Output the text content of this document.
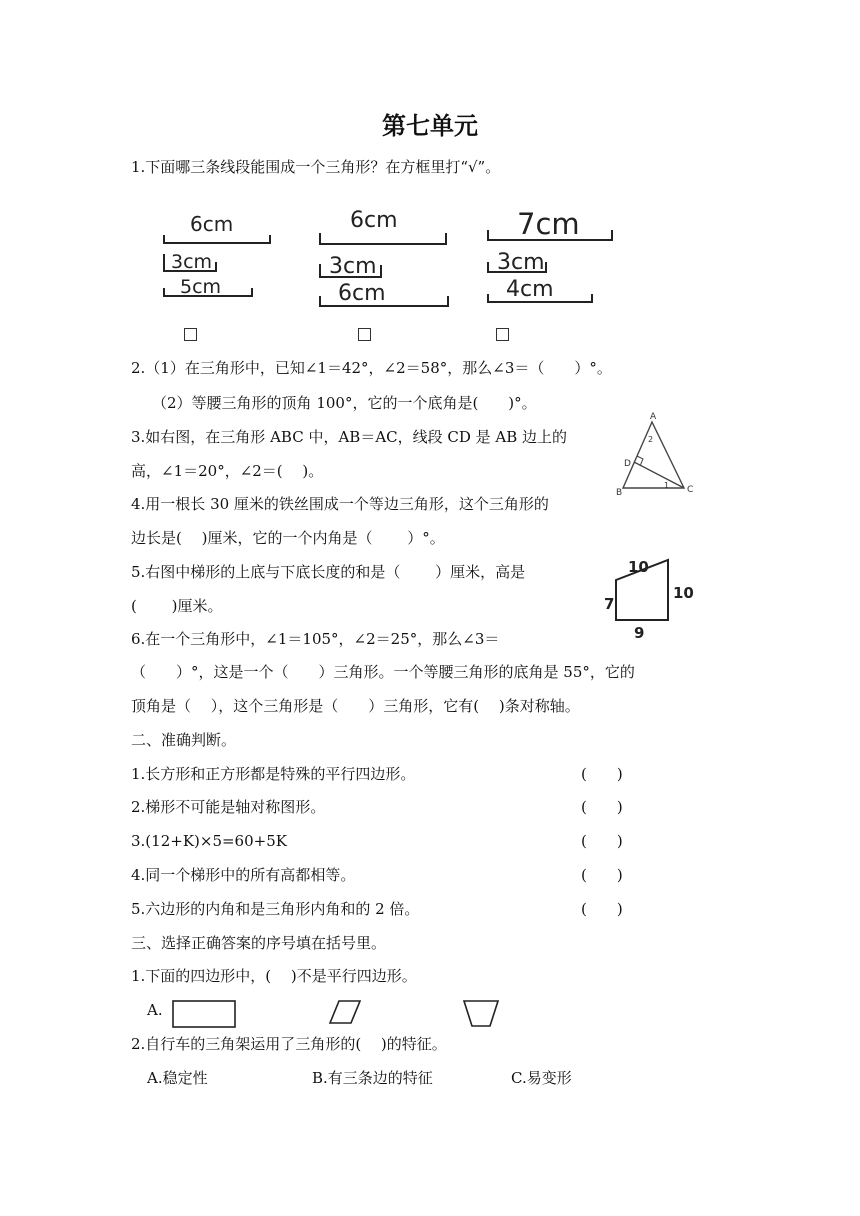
第七单元
1.下面哪三条线段能围成一个三角形？在方框里打“√”。
6cm
3cm
5cm
6cm
3cm
6cm
7cm
3cm
4cm
2.（1）在三角形中，已知∠1＝42°，∠2＝58°，那么∠3＝（　　）°。
（2）等腰三角形的顶角 100°，它的一个底角是(　　)°。
3.如右图，在三角形 ABC 中，AB＝AC，线段 CD 是 AB 边上的
高，∠1＝20°，∠2＝(　 )。
4.用一根长 30 厘米的铁丝围成一个等边三角形，这个三角形的
边长是(　 )厘米，它的一个内角是（　　 ）°。
5.右图中梯形的上底与下底长度的和是（　　 ）厘米，高是
(　　 )厘米。
6.在一个三角形中，∠1＝105°，∠2＝25°，那么∠3＝
（　　）°，这是一个（　　）三角形。一个等腰三角形的底角是 55°，它的
顶角是（　 ），这个三角形是（　　）三角形，它有(　 )条对称轴。
A
B	C
D
1
2
10
10
7
9
二、准确判断。
1.长方形和正方形都是特殊的平行四边形。	(　　)
2.梯形不可能是轴对称图形。	(　　)
3.(12+K)×5=60+5K	(　　)
4.同一个梯形中的所有高都相等。	(　　)
5.六边形的内角和是三角形内角和的 2 倍。	(　　)
三、选择正确答案的序号填在括号里。
1.下面的四边形中，(　 )不是平行四边形。
A.
2.自行车的三角架运用了三角形的(　 )的特征。
A.稳定性	B.有三条边的特征	C.易变形
